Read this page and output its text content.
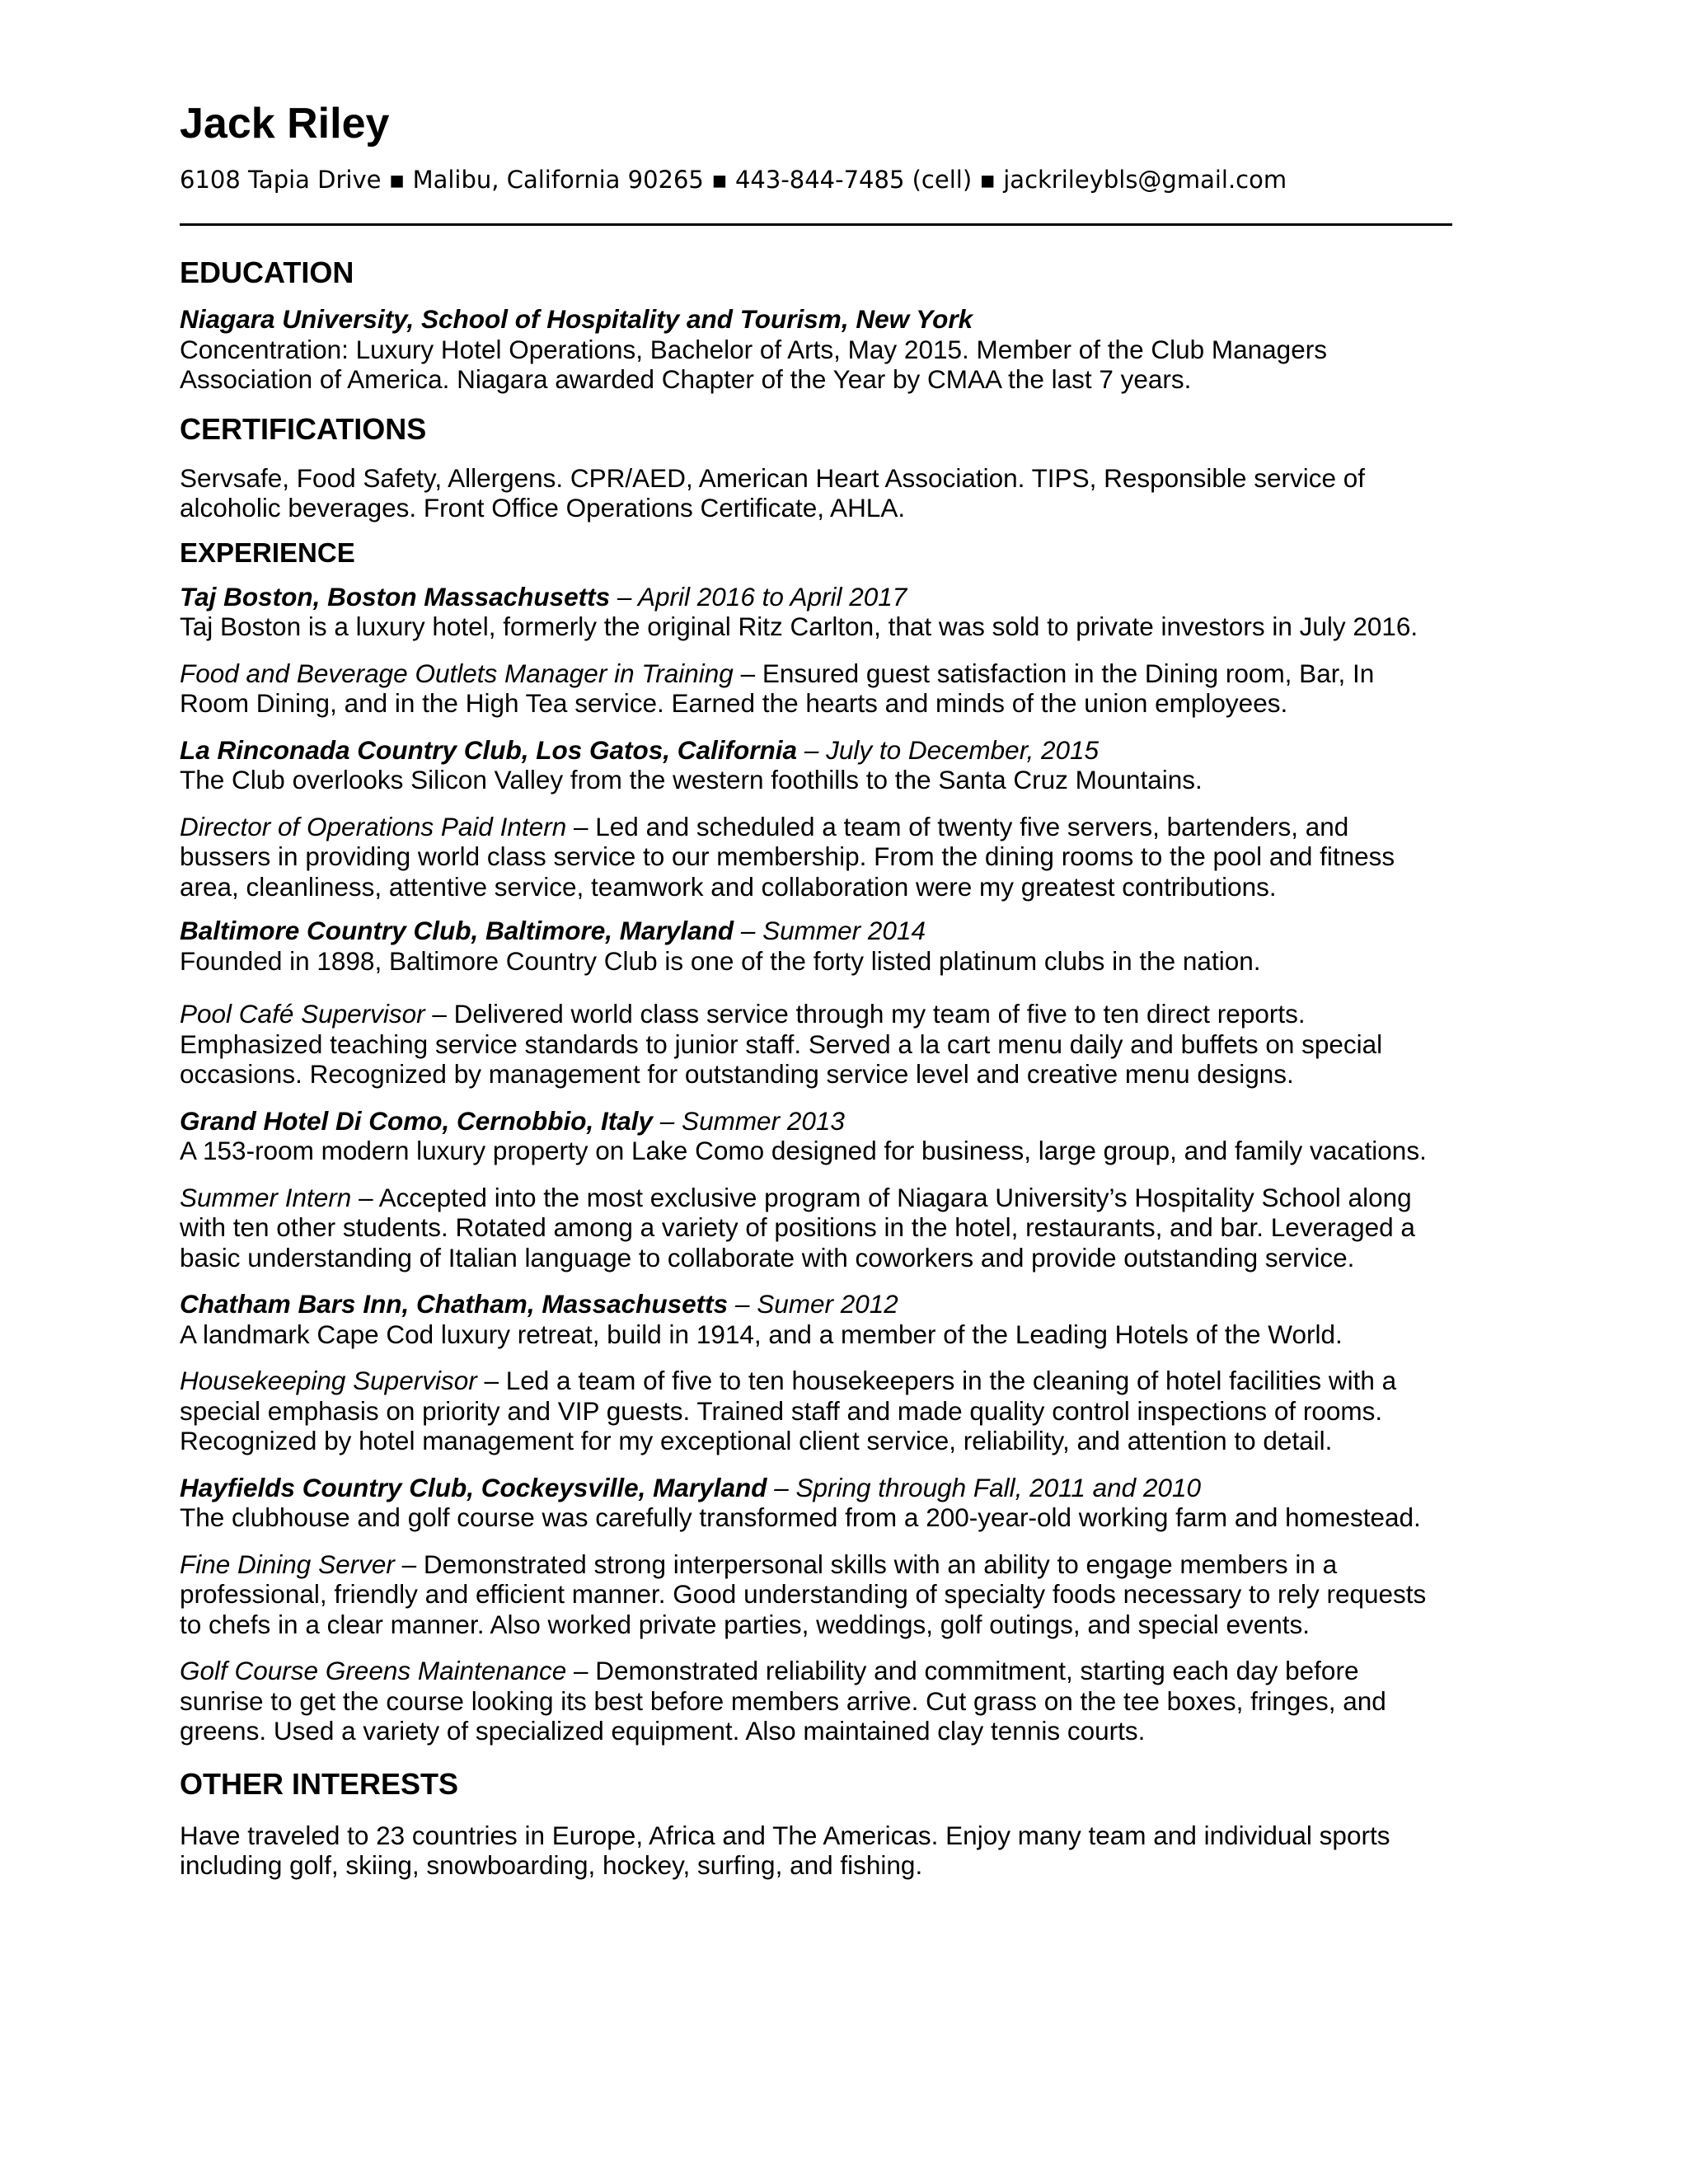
Jack Riley
6108 Tapia Drive ▪ Malibu, California 90265 ▪ 443-844-7485 (cell) ▪ jackrileybls@gmail.com
EDUCATION

Niagara University, School of Hospitality and Tourism, New York
Concentration: Luxury Hotel Operations, Bachelor of Arts, May 2015. Member of the Club Managers
Association of America. Niagara awarded Chapter of the Year by CMAA the last 7 years.

CERTIFICATIONS

Servsafe, Food Safety, Allergens. CPR/AED, American Heart Association. TIPS, Responsible service of
alcoholic beverages. Front Office Operations Certificate, AHLA.

EXPERIENCE

Taj Boston, Boston Massachusetts – April 2016 to April 2017
Taj Boston is a luxury hotel, formerly the original Ritz Carlton, that was sold to private investors in July 2016.

Food and Beverage Outlets Manager in Training – Ensured guest satisfaction in the Dining room, Bar, In
Room Dining, and in the High Tea service. Earned the hearts and minds of the union employees.

La Rinconada Country Club, Los Gatos, California – July to December, 2015
The Club overlooks Silicon Valley from the western foothills to the Santa Cruz Mountains.

Director of Operations Paid Intern – Led and scheduled a team of twenty five servers, bartenders, and
bussers in providing world class service to our membership. From the dining rooms to the pool and fitness
area, cleanliness, attentive service, teamwork and collaboration were my greatest contributions.

Baltimore Country Club, Baltimore, Maryland – Summer 2014
Founded in 1898, Baltimore Country Club is one of the forty listed platinum clubs in the nation.

Pool Café Supervisor – Delivered world class service through my team of five to ten direct reports.
Emphasized teaching service standards to junior staff. Served a la cart menu daily and buffets on special
occasions. Recognized by management for outstanding service level and creative menu designs.

Grand Hotel Di Como, Cernobbio, Italy – Summer 2013
A 153-room modern luxury property on Lake Como designed for business, large group, and family vacations.

Summer Intern – Accepted into the most exclusive program of Niagara University’s Hospitality School along
with ten other students. Rotated among a variety of positions in the hotel, restaurants, and bar. Leveraged a
basic understanding of Italian language to collaborate with coworkers and provide outstanding service.

Chatham Bars Inn, Chatham, Massachusetts – Sumer 2012
A landmark Cape Cod luxury retreat, build in 1914, and a member of the Leading Hotels of the World.

Housekeeping Supervisor – Led a team of five to ten housekeepers in the cleaning of hotel facilities with a
special emphasis on priority and VIP guests. Trained staff and made quality control inspections of rooms.
Recognized by hotel management for my exceptional client service, reliability, and attention to detail.

Hayfields Country Club, Cockeysville, Maryland – Spring through Fall, 2011 and 2010
The clubhouse and golf course was carefully transformed from a 200-year-old working farm and homestead.

Fine Dining Server – Demonstrated strong interpersonal skills with an ability to engage members in a
professional, friendly and efficient manner. Good understanding of specialty foods necessary to rely requests
to chefs in a clear manner. Also worked private parties, weddings, golf outings, and special events.

Golf Course Greens Maintenance – Demonstrated reliability and commitment, starting each day before
sunrise to get the course looking its best before members arrive. Cut grass on the tee boxes, fringes, and
greens. Used a variety of specialized equipment. Also maintained clay tennis courts.

OTHER INTERESTS

Have traveled to 23 countries in Europe, Africa and The Americas. Enjoy many team and individual sports
including golf, skiing, snowboarding, hockey, surfing, and fishing.
